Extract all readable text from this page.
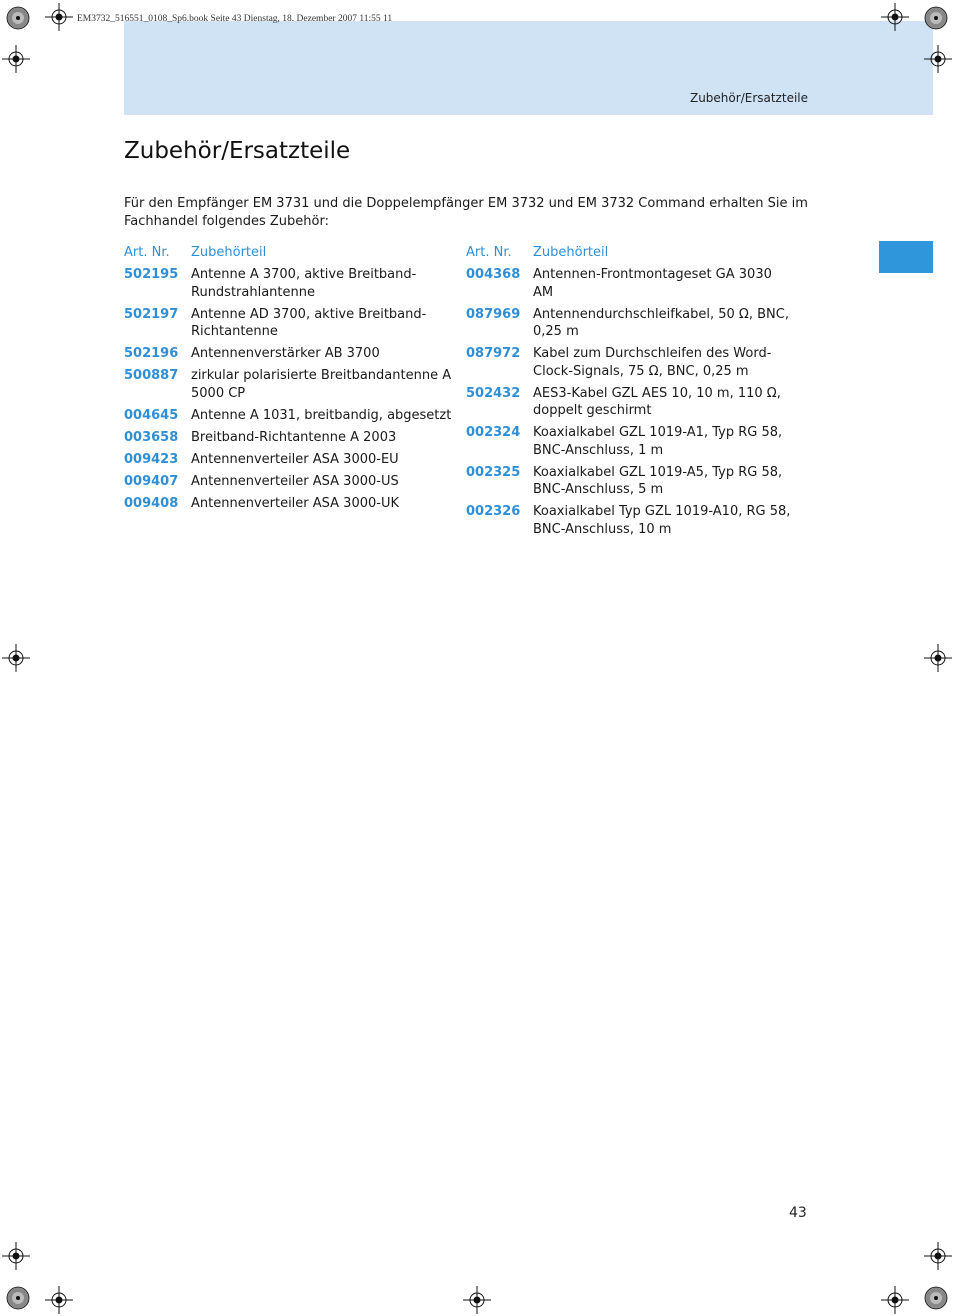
EM3732_516551_0108_Sp6.book Seite 43 Dienstag, 18. Dezember 2007 11:55 11
Zubehör/Ersatzteile
Zubehör/Ersatzteile

Für den Empfänger EM 3731 und die Doppelempfänger EM 3732 und EM 3732 Command erhalten Sie im Fachhandel folgendes Zubehör:

Art. Nr.	Zubehörteil
502195 Antenne A 3700, aktive Breitband-Rundstrahlantenne
502197 Antenne AD 3700, aktive Breitband-Richtantenne
502196 Antennenverstärker AB 3700
500887 zirkular polarisierte Breitbandantenne A 5000 CP
004645 Antenne A 1031, breitbandig, abgesetzt
003658 Breitband-Richtantenne A 2003
009423 Antennenverteiler ASA 3000-EU
009407 Antennenverteiler ASA 3000-US
009408 Antennenverteiler ASA 3000-UK
Art. Nr.	Zubehörteil
004368 Antennen-Frontmontageset GA 3030 AM
087969 Antennendurchschleifkabel, 50 Ω, BNC, 0,25 m
087972 Kabel zum Durchschleifen des Word-Clock-Signals, 75 Ω, BNC, 0,25 m
502432 AES3-Kabel GZL AES 10, 10 m, 110 Ω, doppelt geschirmt
002324 Koaxialkabel GZL 1019-A1, Typ RG 58, BNC-Anschluss, 1 m
002325 Koaxialkabel GZL 1019-A5, Typ RG 58, BNC-Anschluss, 5 m
002326 Koaxialkabel Typ GZL 1019-A10, RG 58, BNC-Anschluss, 10 m
43
